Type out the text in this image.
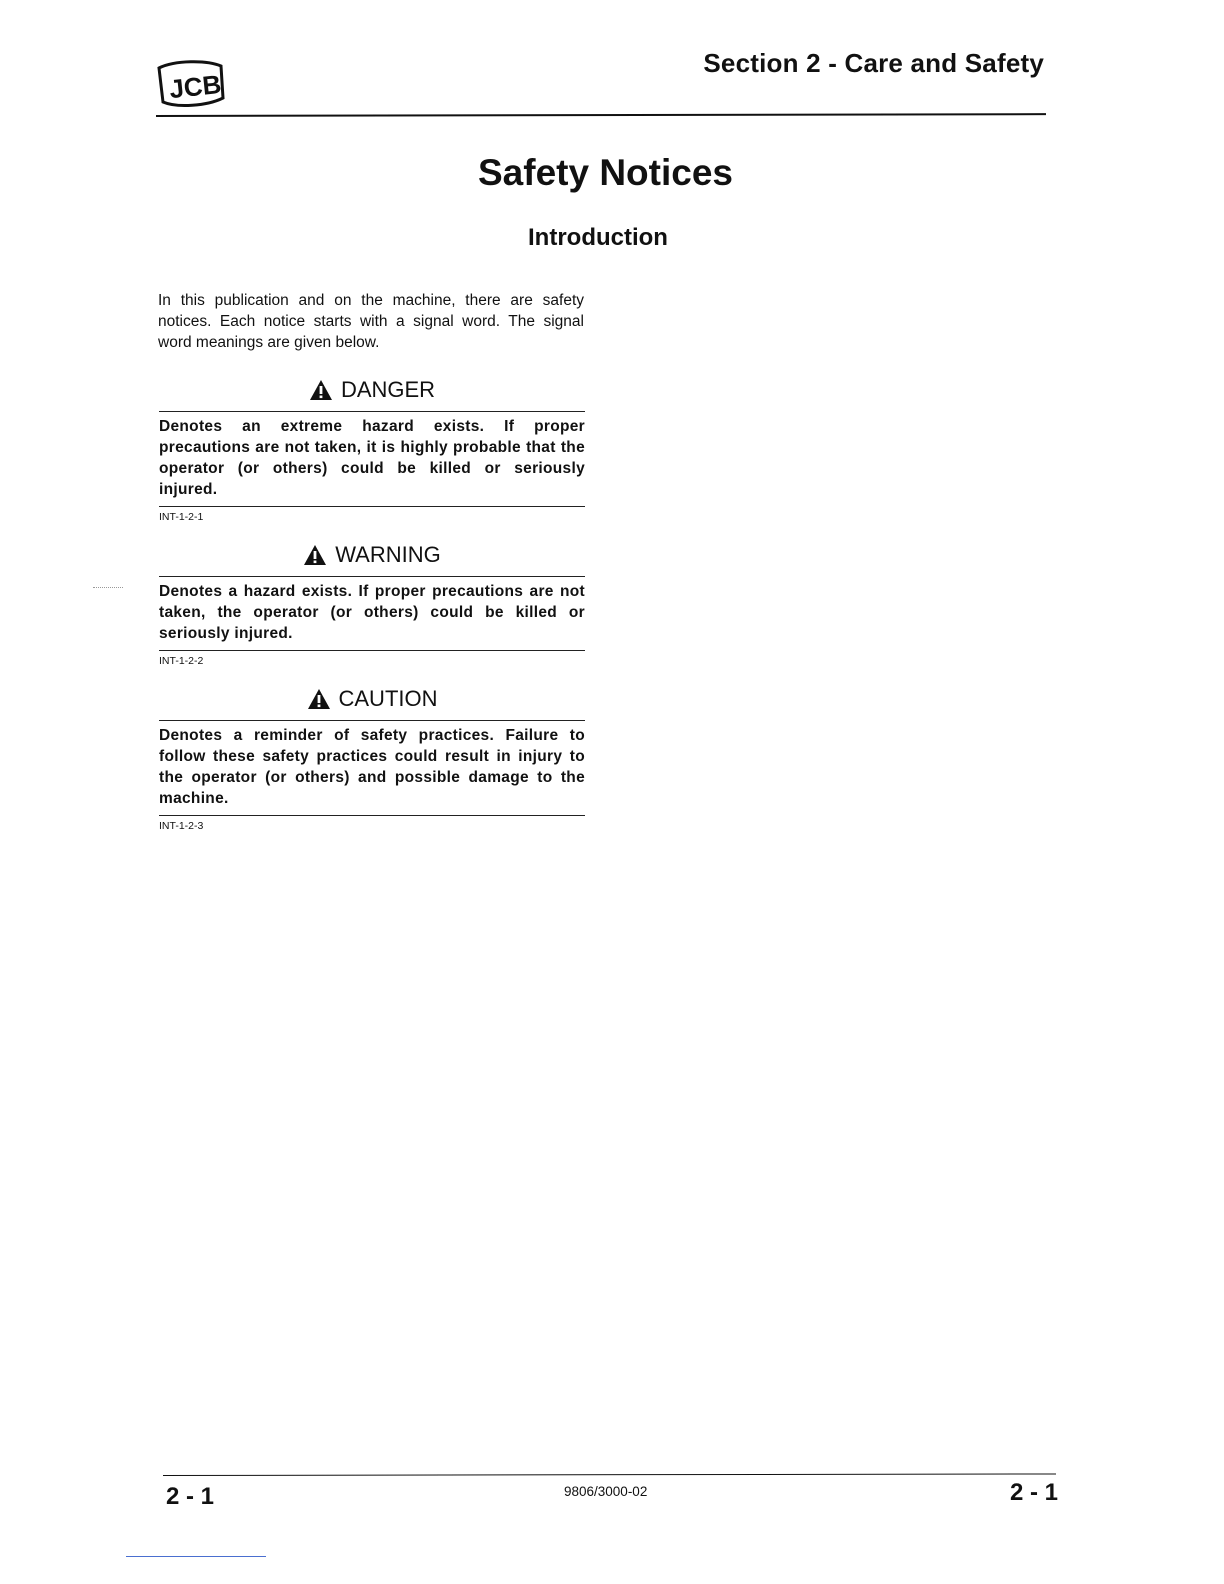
JCB
Section 2 - Care and Safety
Safety Notices
Introduction
In this publication and on the machine, there are safety notices. Each notice starts with a signal word. The signal word meanings are given below.
DANGER
Denotes an extreme hazard exists. If proper precautions are not taken, it is highly probable that the operator (or others) could be killed or seriously injured.
INT-1-2-1
WARNING
Denotes a hazard exists. If proper precautions are not taken, the operator (or others) could be killed or seriously injured.
INT-1-2-2
CAUTION
Denotes a reminder of safety practices. Failure to follow these safety practices could result in injury to the operator (or others) and possible damage to the machine.
INT-1-2-3
2 - 1	9806/3000-02	2 - 1
